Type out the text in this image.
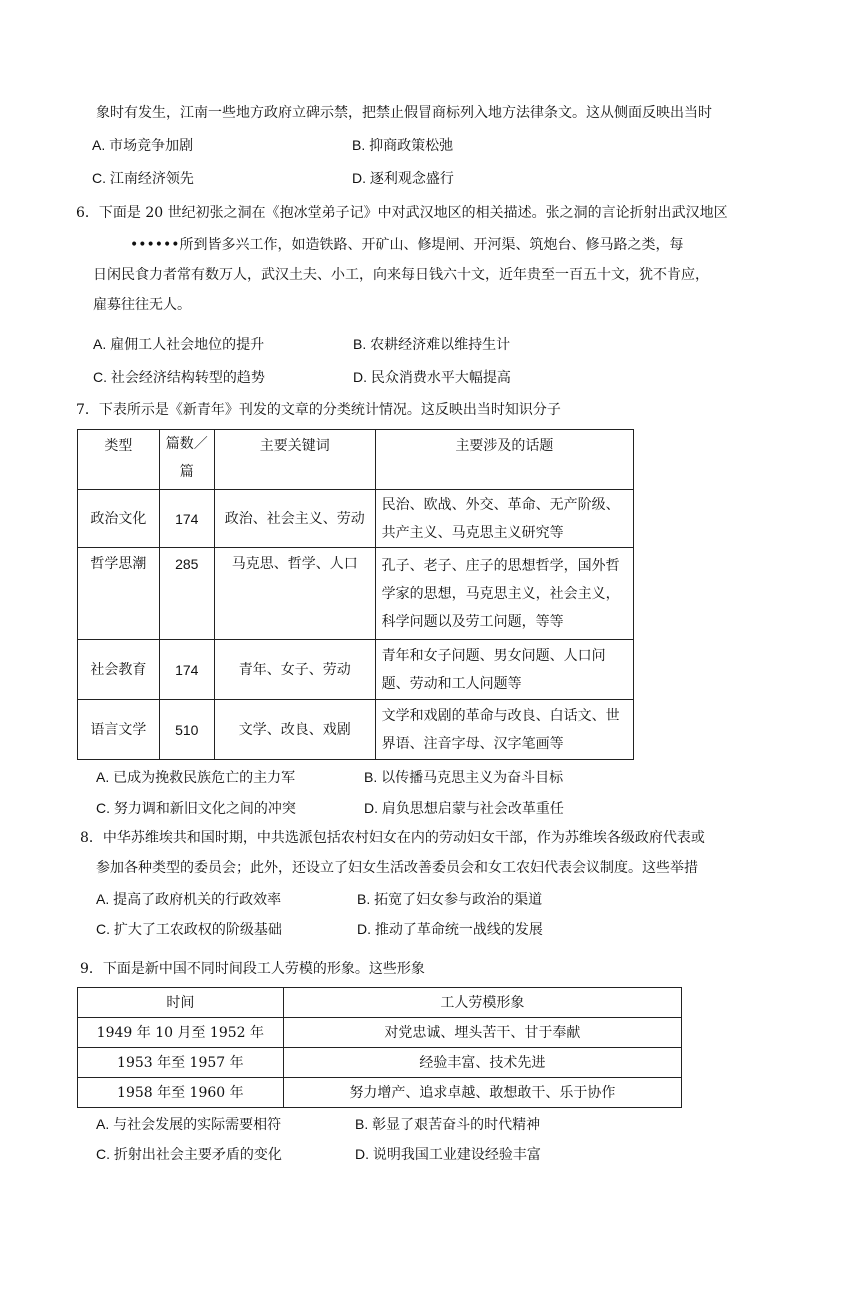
象时有发生，江南一些地方政府立碑示禁，把禁止假冒商标列入地方法律条文。这从侧面反映出当时
A. 市场竞争加剧	B. 抑商政策松弛
C. 江南经济领先	D. 逐利观念盛行
6．下面是 20 世纪初张之洞在《抱冰堂弟子记》中对武汉地区的相关描述。张之洞的言论折射出武汉地区
••••••所到皆多兴工作，如造铁路、开矿山、修堤闸、开河渠、筑炮台、修马路之类，每
日闲民食力者常有数万人，武汉土夫、小工，向来每日钱六十文，近年贵至一百五十文，犹不肯应，
雇募往往无人。
A. 雇佣工人社会地位的提升	B. 农耕经济难以维持生计
C. 社会经济结构转型的趋势	D. 民众消费水平大幅提高
7．下表所示是《新青年》刊发的文章的分类统计情况。这反映出当时知识分子
类型	篇数／篇	主要关键词	主要涉及的话题
政治文化	174	政治、社会主义、劳动	民治、欧战、外交、革命、无产阶级、共产主义、马克思主义研究等
哲学思潮	285	马克思、哲学、人口	孔子、老子、庄子的思想哲学，国外哲学家的思想，马克思主义，社会主义，科学问题以及劳工问题，等等
社会教育	174	青年、女子、劳动	青年和女子问题、男女问题、人口问题、劳动和工人问题等
语言文学	510	文学、改良、戏剧	文学和戏剧的革命与改良、白话文、世界语、注音字母、汉字笔画等
A. 已成为挽救民族危亡的主力军	B. 以传播马克思主义为奋斗目标
C. 努力调和新旧文化之间的冲突	D. 肩负思想启蒙与社会改革重任
8．中华苏维埃共和国时期，中共选派包括农村妇女在内的劳动妇女干部，作为苏维埃各级政府代表或
参加各种类型的委员会；此外，还设立了妇女生活改善委员会和女工农妇代表会议制度。这些举措
A. 提高了政府机关的行政效率	B. 拓宽了妇女参与政治的渠道
C. 扩大了工农政权的阶级基础	D. 推动了革命统一战线的发展
9．下面是新中国不同时间段工人劳模的形象。这些形象
时间	工人劳模形象
1949 年 10 月至 1952 年	对党忠诚、埋头苦干、甘于奉献
1953 年至 1957 年	经验丰富、技术先进
1958 年至 1960 年	努力增产、追求卓越、敢想敢干、乐于协作
A. 与社会发展的实际需要相符	B. 彰显了艰苦奋斗的时代精神
C. 折射出社会主要矛盾的变化	D. 说明我国工业建设经验丰富
